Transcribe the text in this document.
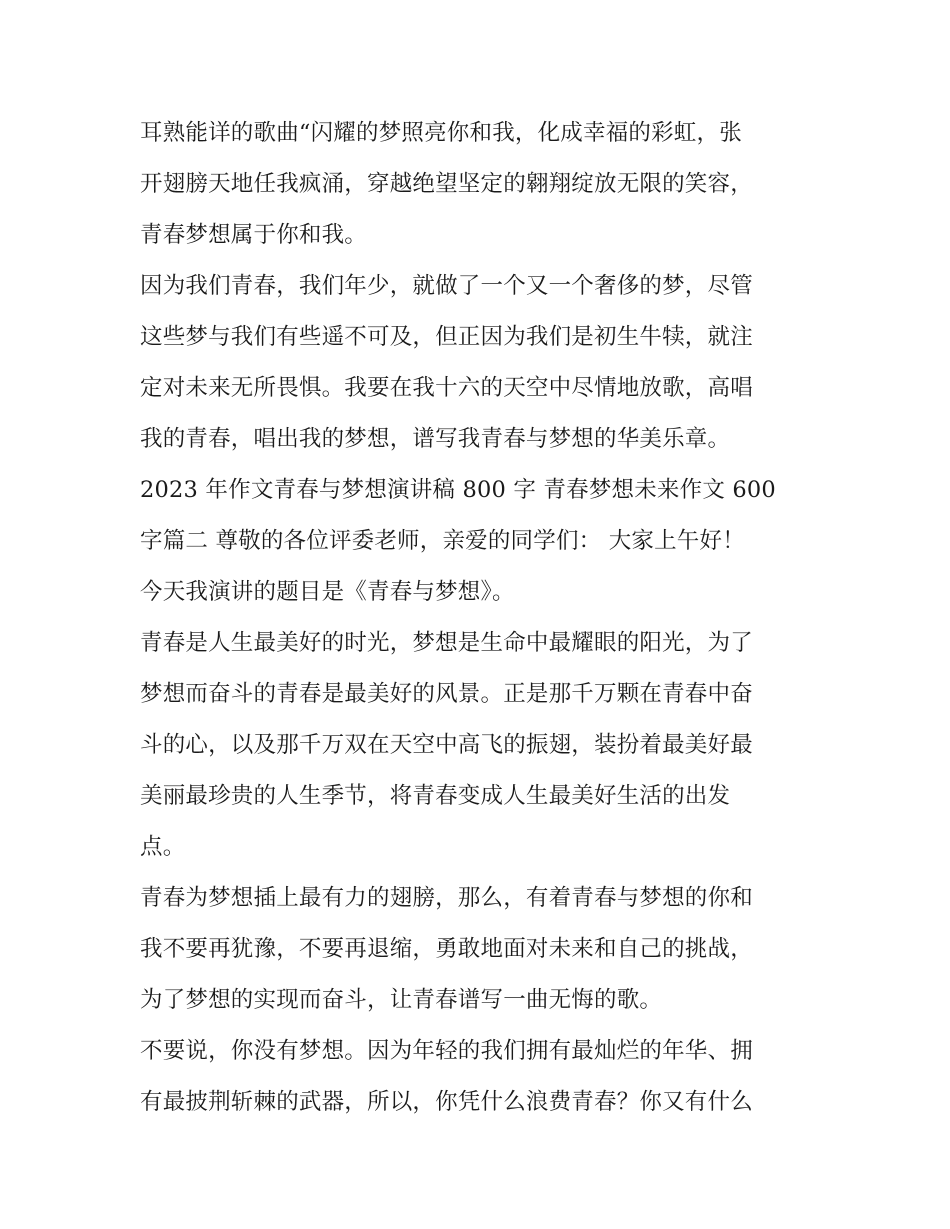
耳熟能详的歌曲“闪耀的梦照亮你和我，化成幸福的彩虹，张
开翅膀天地任我疯涌，穿越绝望坚定的翱翔绽放无限的笑容，
青春梦想属于你和我。
因为我们青春，我们年少，就做了一个又一个奢侈的梦，尽管
这些梦与我们有些遥不可及，但正因为我们是初生牛犊，就注
定对未来无所畏惧。我要在我十六的天空中尽情地放歌，高唱
我的青春，唱出我的梦想，谱写我青春与梦想的华美乐章。
2023 年作文青春与梦想演讲稿 800 字 青春梦想未来作文 600
字篇二 尊敬的各位评委老师，亲爱的同学们： 大家上午好！
今天我演讲的题目是《青春与梦想》。
青春是人生最美好的时光，梦想是生命中最耀眼的阳光，为了
梦想而奋斗的青春是最美好的风景。正是那千万颗在青春中奋
斗的心，以及那千万双在天空中高飞的振翅，装扮着最美好最
美丽最珍贵的人生季节，将青春变成人生最美好生活的出发
点。
青春为梦想插上最有力的翅膀，那么，有着青春与梦想的你和
我不要再犹豫，不要再退缩，勇敢地面对未来和自己的挑战，
为了梦想的实现而奋斗，让青春谱写一曲无悔的歌。
不要说，你没有梦想。因为年轻的我们拥有最灿烂的年华、拥
有最披荆斩棘的武器，所以，你凭什么浪费青春？你又有什么
